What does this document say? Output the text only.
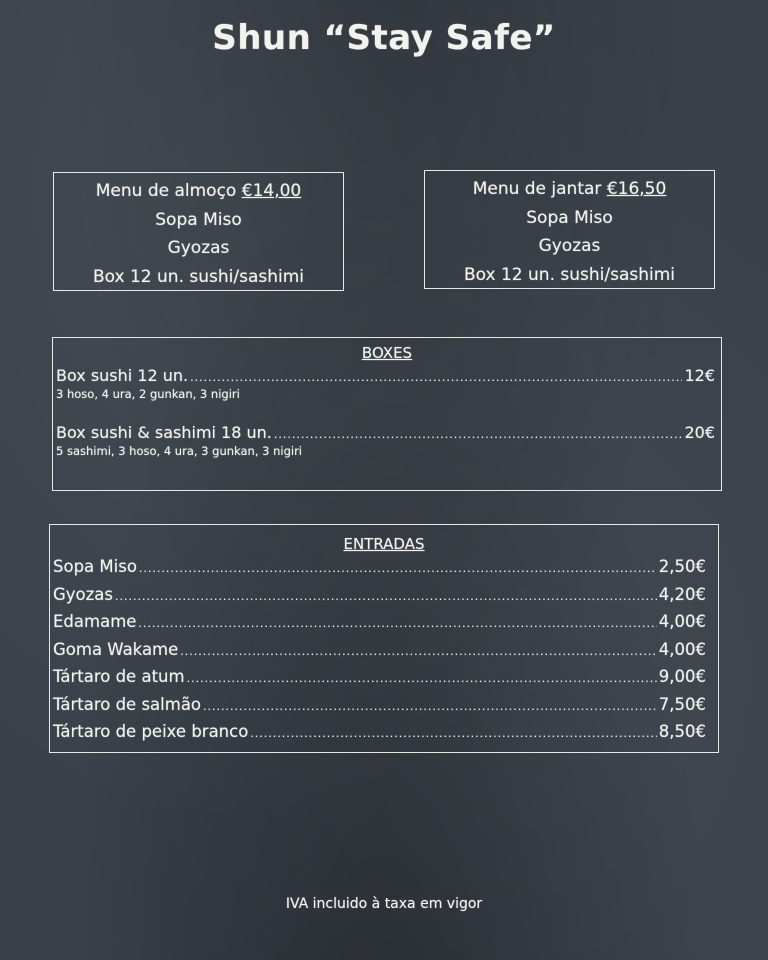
Shun “Stay Safe”
Menu de almoço €14,00
Sopa Miso
Gyozas
Box 12 un. sushi/sashimi
Menu de jantar €16,50
Sopa Miso
Gyozas
Box 12 un. sushi/sashimi
BOXES
Box sushi 12 un. .....	12€
3 hoso, 4 ura, 2 gunkan, 3 nigiri
Box sushi & sashimi 18 un. .....	20€
5 sashimi, 3 hoso, 4 ura, 3 gunkan, 3 nigiri
ENTRADAS
Sopa Miso .....	2,50€
Gyozas .....	4,20€
Edamame .....	4,00€
Goma Wakame .....	4,00€
Tártaro de atum .....	9,00€
Tártaro de salmão .....	7,50€
Tártaro de peixe branco .....	8,50€
IVA incluido à taxa em vigor
